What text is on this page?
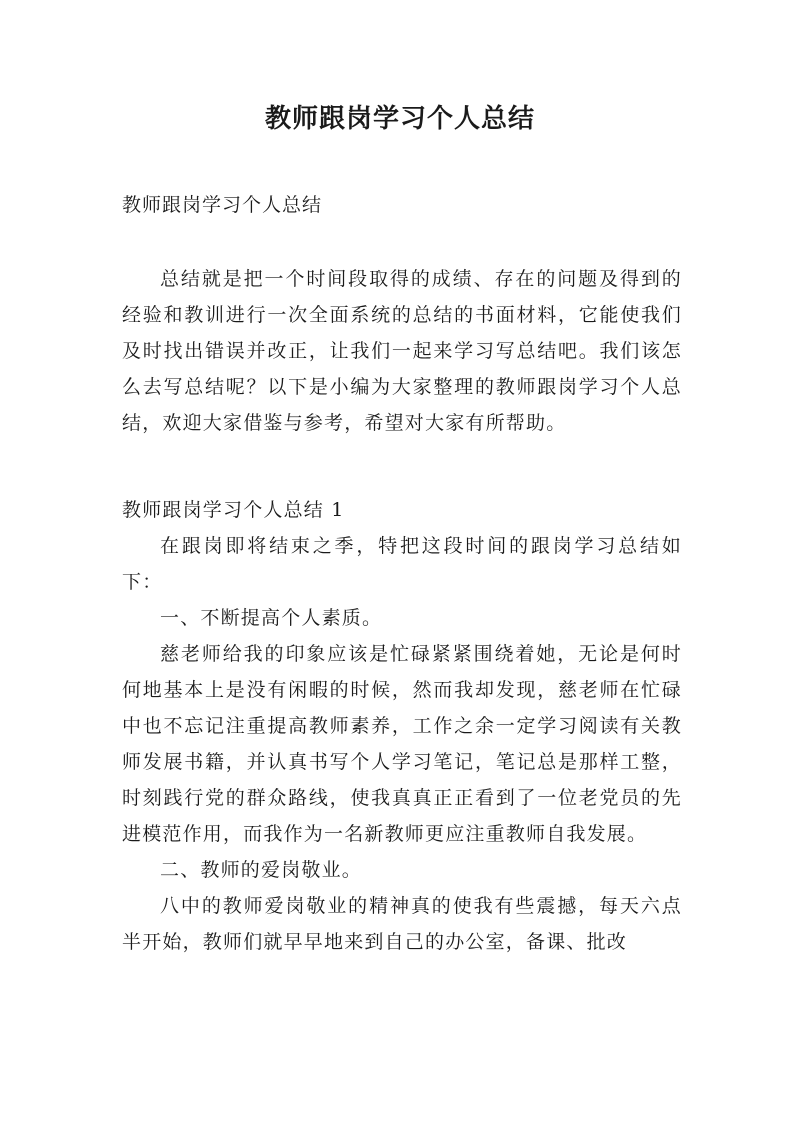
教师跟岗学习个人总结
教师跟岗学习个人总结

总结就是把一个时间段取得的成绩、存在的问题及得到的经验和教训进行一次全面系统的总结的书面材料，它能使我们及时找出错误并改正，让我们一起来学习写总结吧。我们该怎么去写总结呢？以下是小编为大家整理的教师跟岗学习个人总结，欢迎大家借鉴与参考，希望对大家有所帮助。

教师跟岗学习个人总结 1

在跟岗即将结束之季，特把这段时间的跟岗学习总结如下：

一、不断提高个人素质。

慈老师给我的印象应该是忙碌紧紧围绕着她，无论是何时何地基本上是没有闲暇的时候，然而我却发现，慈老师在忙碌中也不忘记注重提高教师素养，工作之余一定学习阅读有关教师发展书籍，并认真书写个人学习笔记，笔记总是那样工整，时刻践行党的群众路线，使我真真正正看到了一位老党员的先进模范作用，而我作为一名新教师更应注重教师自我发展。

二、教师的爱岗敬业。

八中的教师爱岗敬业的精神真的使我有些震撼，每天六点半开始，教师们就早早地来到自己的办公室，备课、批改
